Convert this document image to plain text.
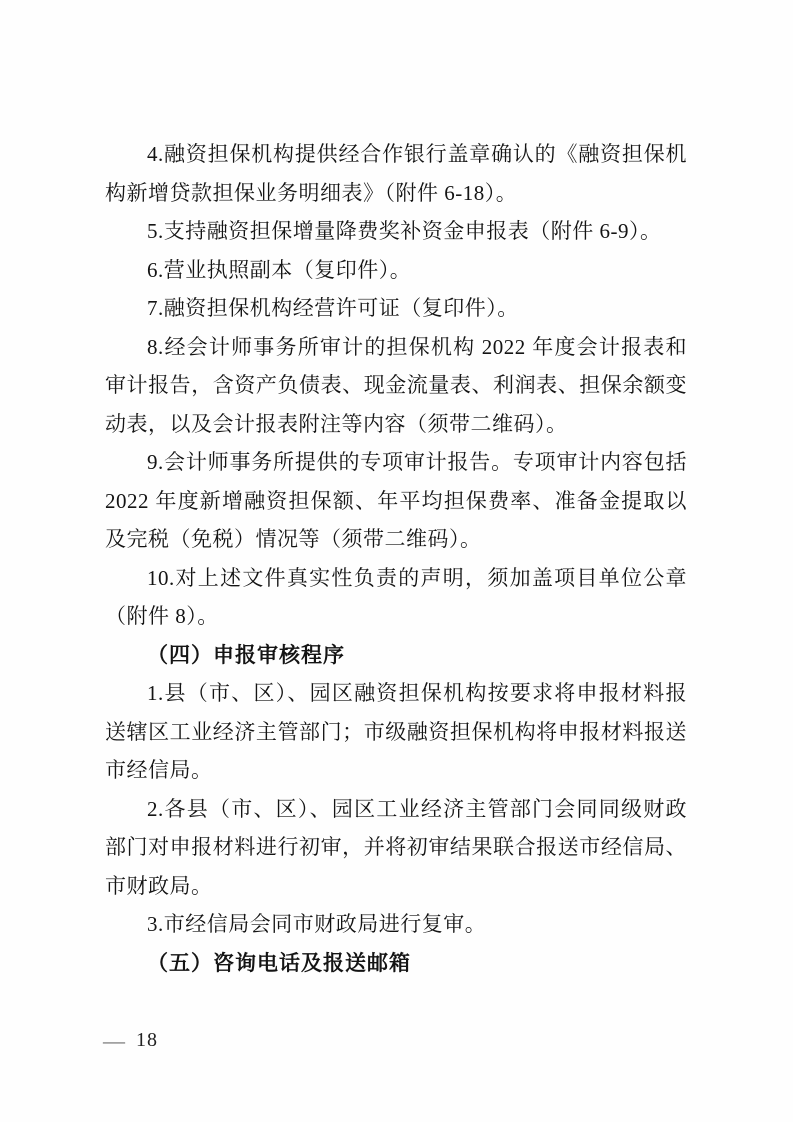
4.融资担保机构提供经合作银行盖章确认的《融资担保机构新增贷款担保业务明细表》（附件 6-18）。

5.支持融资担保增量降费奖补资金申报表（附件 6-9）。

6.营业执照副本（复印件）。

7.融资担保机构经营许可证（复印件）。

8.经会计师事务所审计的担保机构 2022 年度会计报表和审计报告，含资产负债表、现金流量表、利润表、担保余额变动表，以及会计报表附注等内容（须带二维码）。

9.会计师事务所提供的专项审计报告。专项审计内容包括 2022 年度新增融资担保额、年平均担保费率、准备金提取以及完税（免税）情况等（须带二维码）。

10.对上述文件真实性负责的声明，须加盖项目单位公章（附件 8）。

（四）申报审核程序

1.县（市、区）、园区融资担保机构按要求将申报材料报送辖区工业经济主管部门；市级融资担保机构将申报材料报送市经信局。

2.各县（市、区）、园区工业经济主管部门会同同级财政部门对申报材料进行初审，并将初审结果联合报送市经信局、市财政局。

3.市经信局会同市财政局进行复审。

（五）咨询电话及报送邮箱

— 18
